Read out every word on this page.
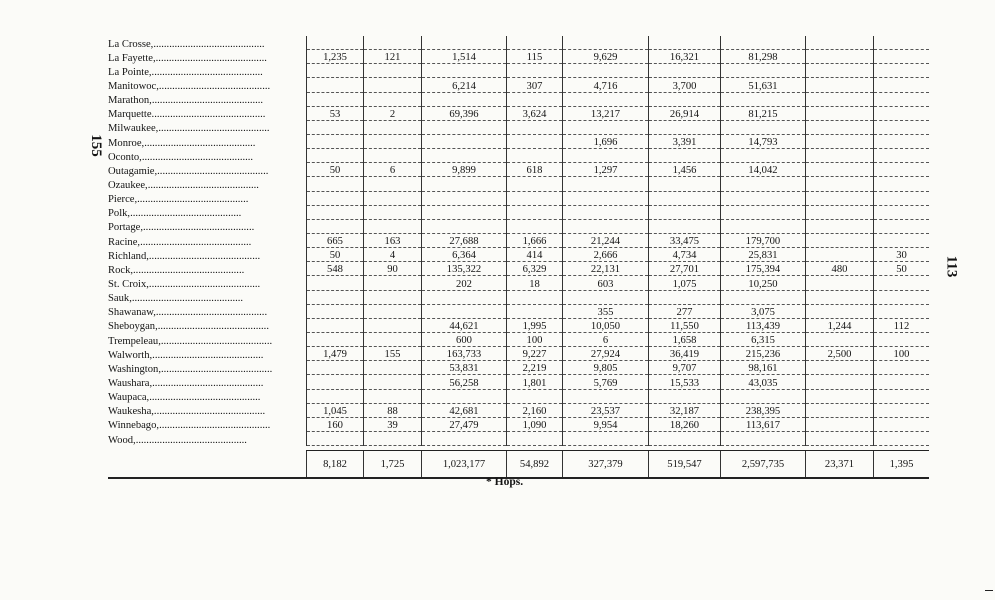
155
113
La Crosse,..........................................									
La Fayette,..........................................	1,235	121	1,514	115	9,629	16,321	81,298		
La Pointe,..........................................									
Manitowoc,..........................................			6,214	307	4,716	3,700	51,631		
Marathon,..........................................									
Marquette...........................................	53	2	69,396	3,624	13,217	26,914	81,215		
Milwaukee,..........................................									
Monroe,..........................................					1,696	3,391	14,793		
Oconto,..........................................									
Outagamie,..........................................	50	6	9,899	618	1,297	1,456	14,042		
Ozaukee,..........................................									
Pierce,..........................................									
Polk,..........................................									
Portage,..........................................									
Racine,..........................................	665	163	27,688	1,666	21,244	33,475	179,700		
Richland,..........................................	50	4	6,364	414	2,666	4,734	25,831		30
Rock,..........................................	548	90	135,322	6,329	22,131	27,701	175,394	480	50
St. Croix,..........................................			202	18	603	1,075	10,250		
Sauk,..........................................									
Shawanaw,..........................................					355	277	3,075		
Sheboygan,..........................................			44,621	1,995	10,050	11,550	113,439	1,244	112
Trempeleau,..........................................			600	100	6	1,658	6,315		
Walworth,..........................................	1,479	155	163,733	9,227	27,924	36,419	215,236	2,500	100
Washington,..........................................			53,831	2,219	9,805	9,707	98,161		
Waushara,..........................................			56,258	1,801	5,769	15,533	43,035		
Waupaca,..........................................									
Waukesha,..........................................	1,045	88	42,681	2,160	23,537	32,187	238,395		
Winnebago,..........................................	160	39	27,479	1,090	9,954	18,260	113,617		
Wood,..........................................									

	8,182	1,725	1,023,177	54,892	327,379	519,547	2,597,735	23,371	1,395
* Hops.
